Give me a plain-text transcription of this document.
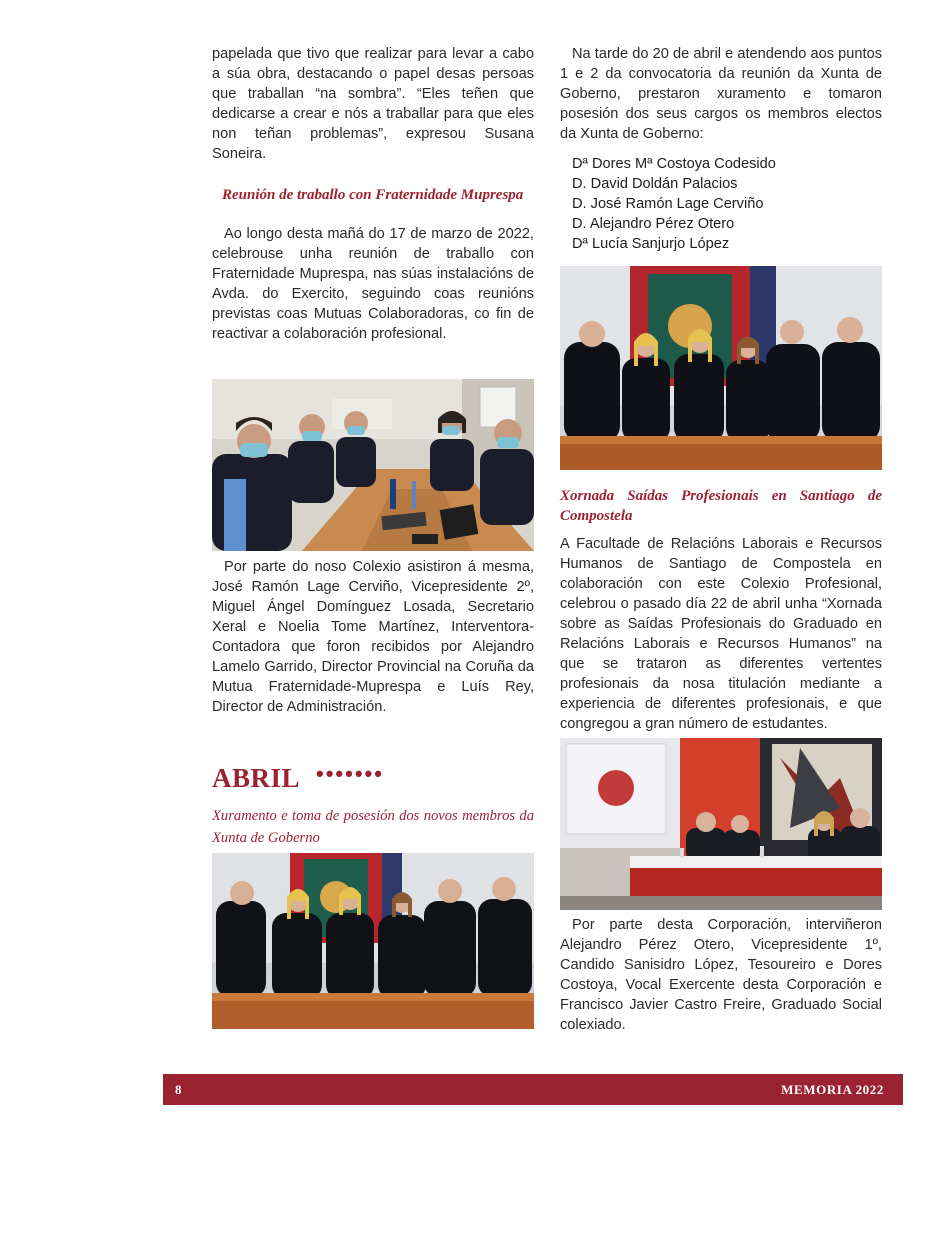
papelada que tivo que realizar para levar a cabo a súa obra, destacando o papel desas persoas que traballan “na sombra”. “Eles teñen que dedicarse a crear e nós a traballar para que eles non teñan problemas”, expresou Susana Soneira.

Reunión de traballo con Fraternidade Muprespa

Ao longo desta mañá do 17 de marzo de 2022, celebrouse unha reunión de traballo con Fraternidade Muprespa, nas súas instalacións de Avda. do Exercito, seguindo coas reunións previstas coas Mutuas Colaboradoras, co fin de reactivar a colaboración profesional.

Por parte do noso Colexio asistiron á mesma, José Ramón Lage Cerviño, Vicepresidente 2º, Miguel Ángel Domínguez Losada, Secretario Xeral e Noelia Tome Martínez, Interventora-Contadora que foron recibidos por Alejandro Lamelo Garrido, Director Provincial na Coruña da Mutua Fraternidade-Muprespa e Luís Rey, Director de Administración.

ABRIL •••••••
Xuramento e toma de posesión dos novos membros da Xunta de Goberno

Na tarde do 20 de abril e atendendo aos puntos 1 e 2 da convocatoria da reunión da Xunta de Goberno, prestaron xuramento e tomaron posesión dos seus cargos os membros electos da Xunta de Goberno:

Dª Dores Mª Costoya Codesido
D. David Doldán Palacios
D. José Ramón Lage Cerviño
D. Alejandro Pérez Otero
Dª Lucía Sanjurjo López
Xornada Saídas Profesionais en Santiago de Compostela

A Facultade de Relacións Laborais e Recursos Humanos de Santiago de Compostela en colaboración con este Colexio Profesional, celebrou o pasado día 22 de abril unha “Xornada sobre as Saídas Profesionais do Graduado en Relacións Laborais e Recursos Humanos” na que se trataron as diferentes vertentes profesionais da nosa titulación mediante a experiencia de diferentes profesionais, e que congregou a gran número de estudantes.

Por parte desta Corporación, interviñeron Alejandro Pérez Otero, Vicepresidente 1º, Candido Sanisidro López, Tesoureiro e Dores Costoya, Vocal Exercente desta Corporación e Francisco Javier Castro Freire, Graduado Social colexiado.

8	MEMORIA 2022
